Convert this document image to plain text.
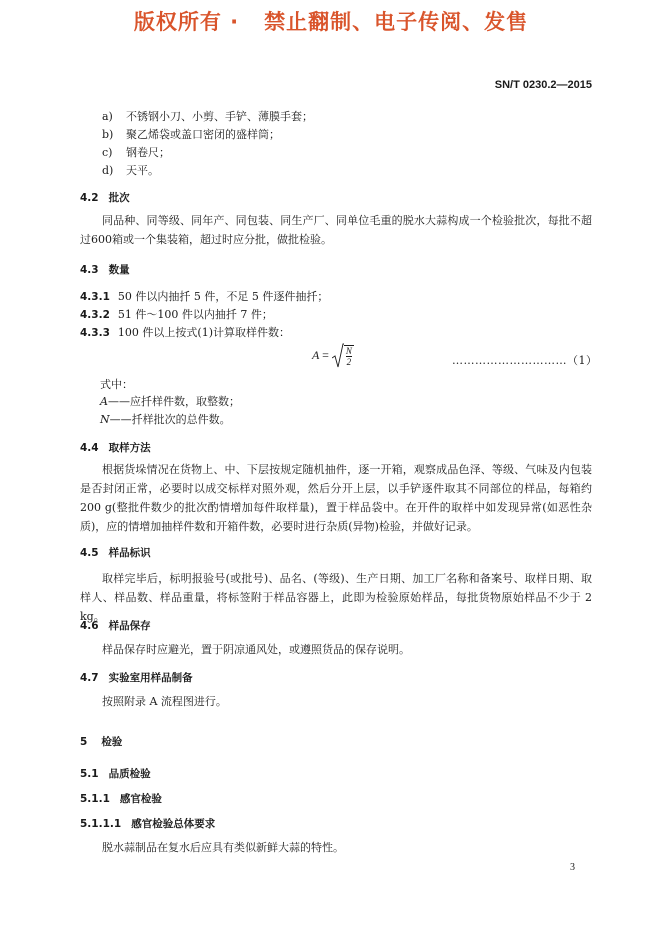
版权所有 ·   禁止翻制、电子传阅、发售
SN/T 0230.2—2015
a) 不锈钢小刀、小剪、手铲、薄膜手套；
b) 聚乙烯袋或盖口密闭的盛样筒；
c) 钢卷尺；
d) 天平。
4.2 批次
同品种、同等级、同年产、同包装、同生产厂、同单位毛重的脱水大蒜构成一个检验批次，每批不超过600箱或一个集装箱，超过时应分批，做批检验。
4.3 数量
4.3.1 50 件以内抽扦 5 件，不足 5 件逐件抽扦；
4.3.2 51 件～100 件以内抽扦 7 件；
4.3.3 100 件以上按式(1)计算取样件数：
$A = \frac{N}{2}$	…………………………（1）
式中：
A——应扦样件数，取整数；
N——扦样批次的总件数。
4.4 取样方法
根据货垛情况在货物上、中、下层按规定随机抽件，逐一开箱，观察成品色泽、等级、气味及内包装是否封闭正常，必要时以成交标样对照外观，然后分开上层，以手铲逐件取其不同部位的样品，每箱约200 g(整批件数少的批次酌情增加每件取样量)，置于样品袋中。在开件的取样中如发现异常(如恶性杂质)，应的情增加抽样件数和开箱件数，必要时进行杂质(异物)检验，并做好记录。
4.5 样品标识
取样完毕后，标明报验号(或批号)、品名、(等级)、生产日期、加工厂名称和备案号、取样日期、取样人、样品数、样品重量，将标签附于样品容器上，此即为检验原始样品，每批货物原始样品不少于 2 kg。
4.6 样品保存
样品保存时应避光，置于阴凉通风处，或遵照货品的保存说明。
4.7 实验室用样品制备
按照附录 A 流程图进行。
5 检验
5.1 品质检验
5.1.1 感官检验
5.1.1.1 感官检验总体要求
脱水蒜制品在复水后应具有类似新鲜大蒜的特性。
3
